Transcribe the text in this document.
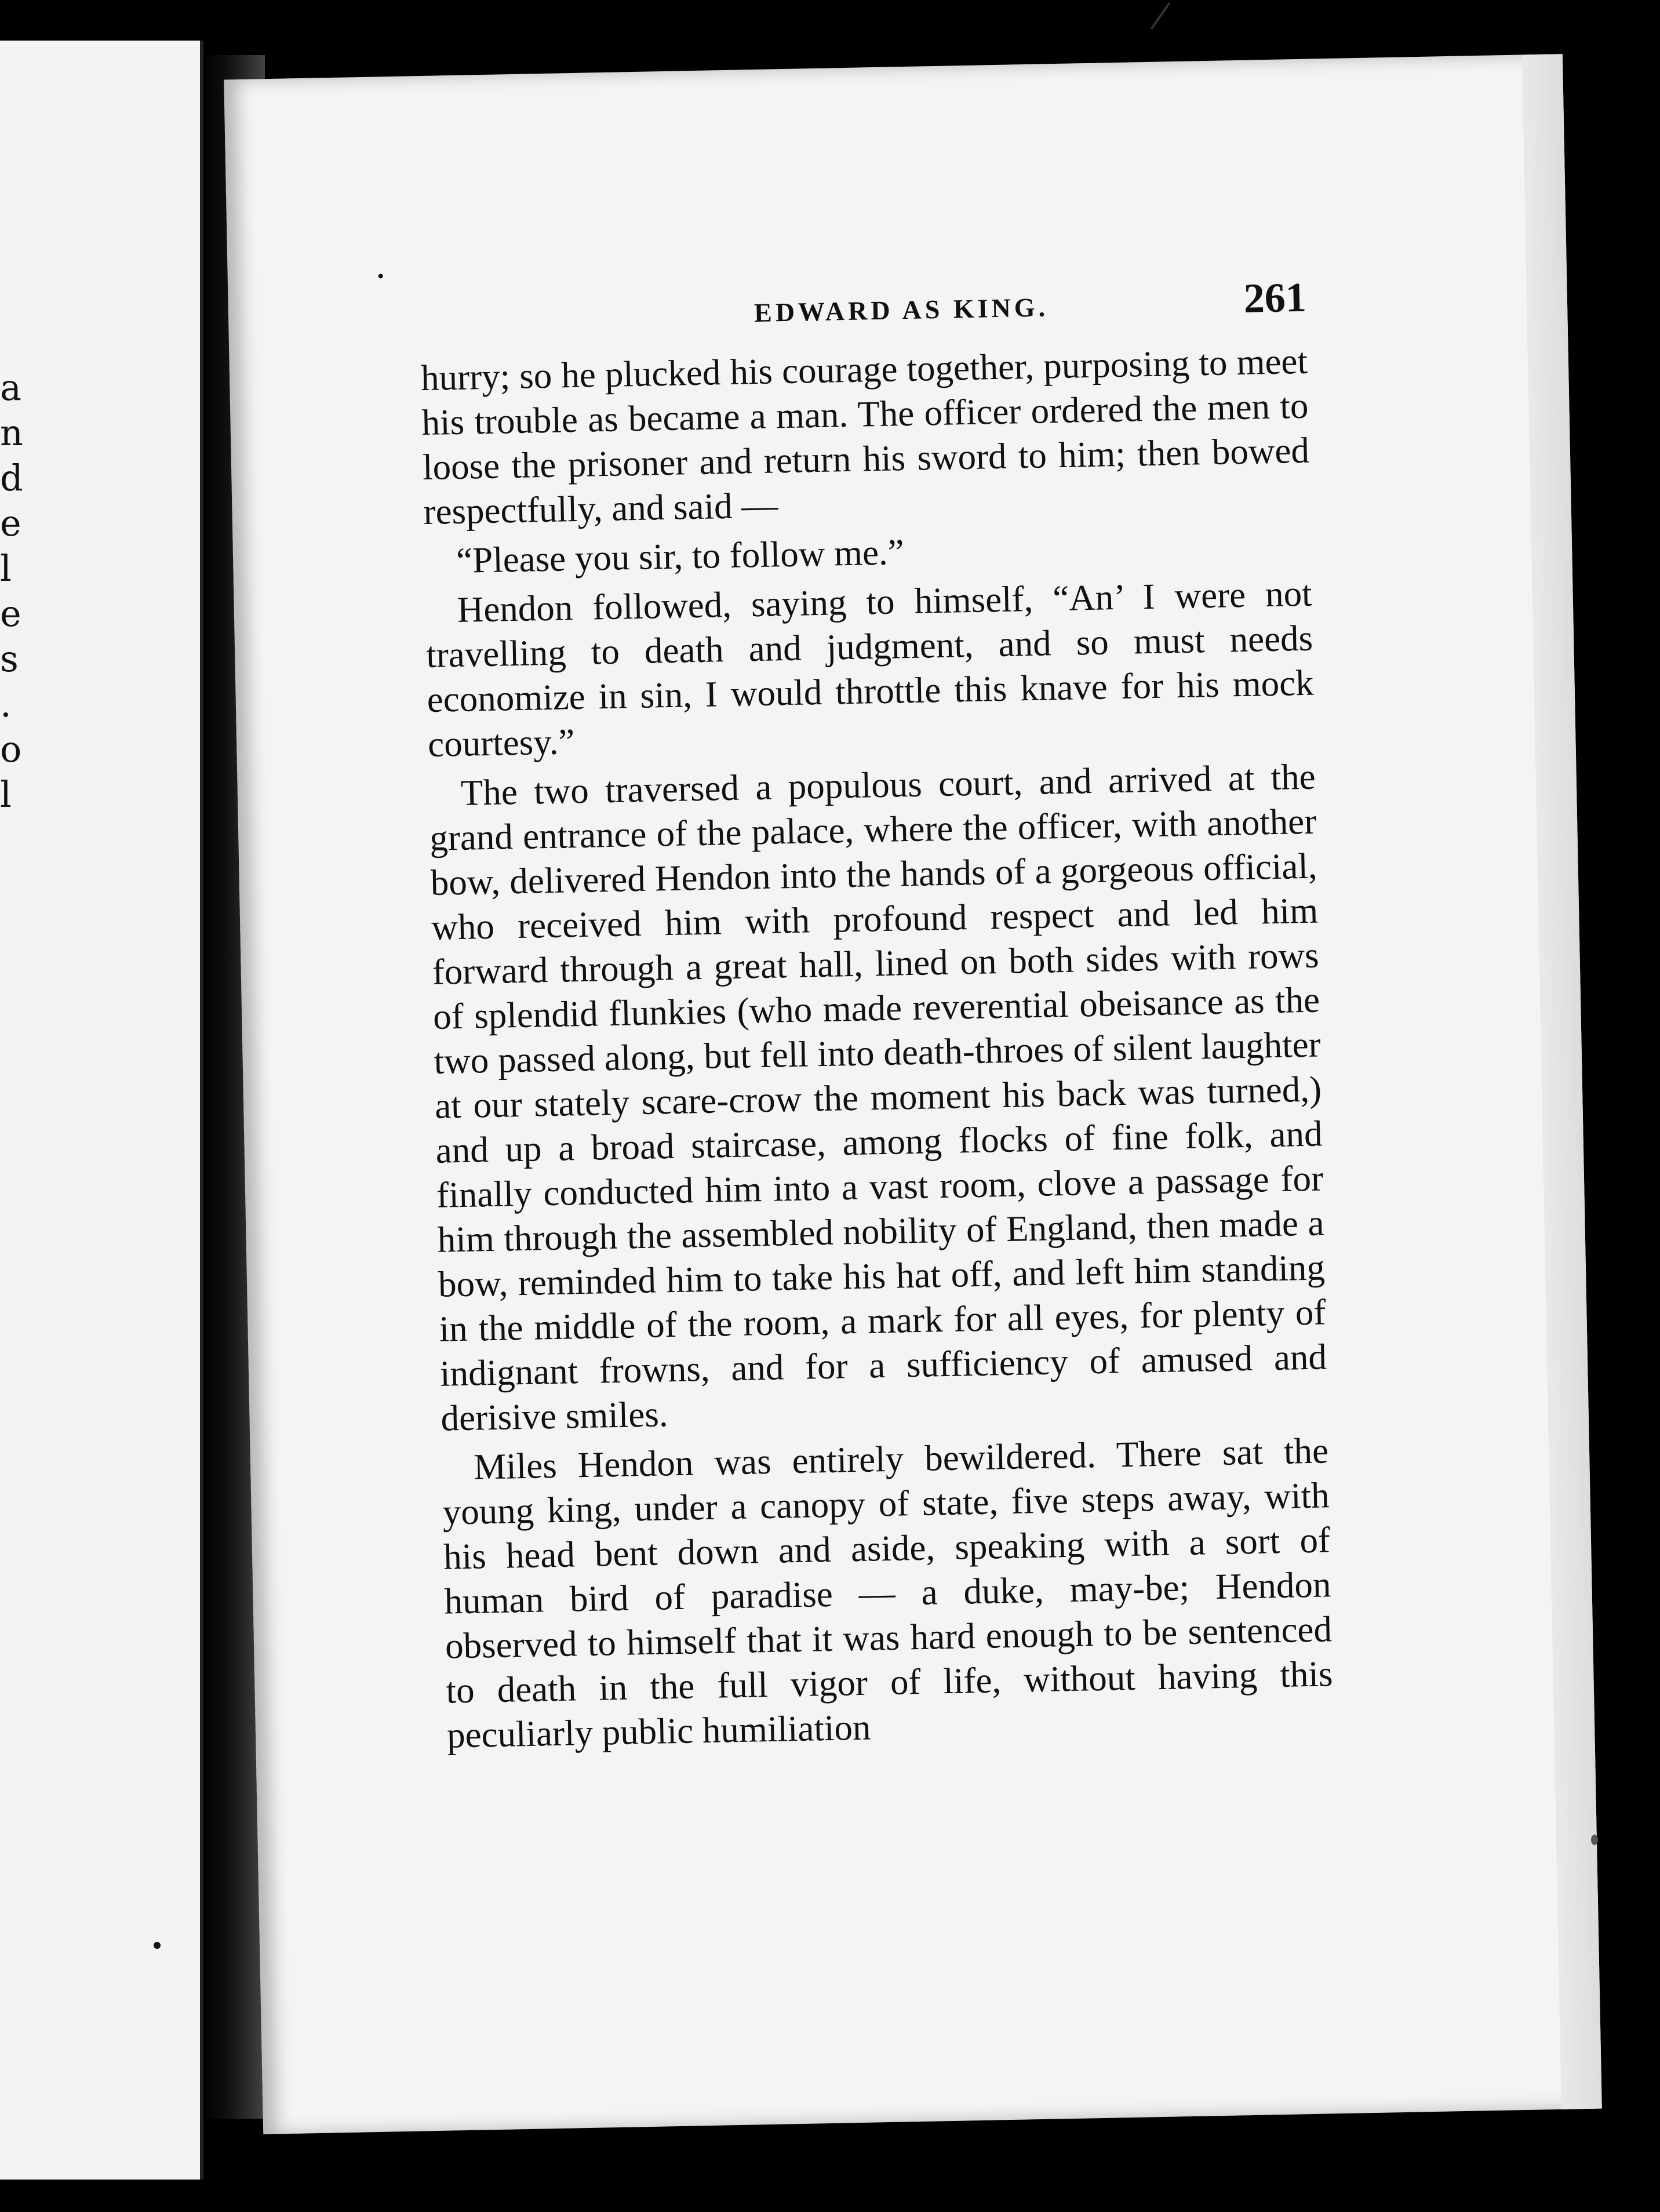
a
n
d
e
l
e
s
.
o
l
EDWARD AS KING.	261

hurry; so he plucked his courage together, purposing to meet his trouble as became a man. The officer ordered the men to loose the prisoner and return his sword to him; then bowed respectfully, and said —

“Please you sir, to follow me.”

Hendon followed, saying to himself, “An’ I were not travelling to death and judgment, and so must needs economize in sin, I would throttle this knave for his mock courtesy.”

The two traversed a populous court, and arrived at the grand entrance of the palace, where the officer, with another bow, delivered Hendon into the hands of a gorgeous official, who received him with profound respect and led him forward through a great hall, lined on both sides with rows of splendid flunkies (who made reverential obeisance as the two passed along, but fell into death-throes of silent laughter at our stately scare-crow the moment his back was turned,) and up a broad staircase, among flocks of fine folk, and finally conducted him into a vast room, clove a passage for him through the assembled nobility of England, then made a bow, reminded him to take his hat off, and left him standing in the middle of the room, a mark for all eyes, for plenty of indignant frowns, and for a sufficiency of amused and derisive smiles.

Miles Hendon was entirely bewildered. There sat the young king, under a canopy of state, five steps away, with his head bent down and aside, speaking with a sort of human bird of paradise — a duke, may-be; Hendon observed to himself that it was hard enough to be sentenced to death in the full vigor of life, without having this peculiarly public humiliation
